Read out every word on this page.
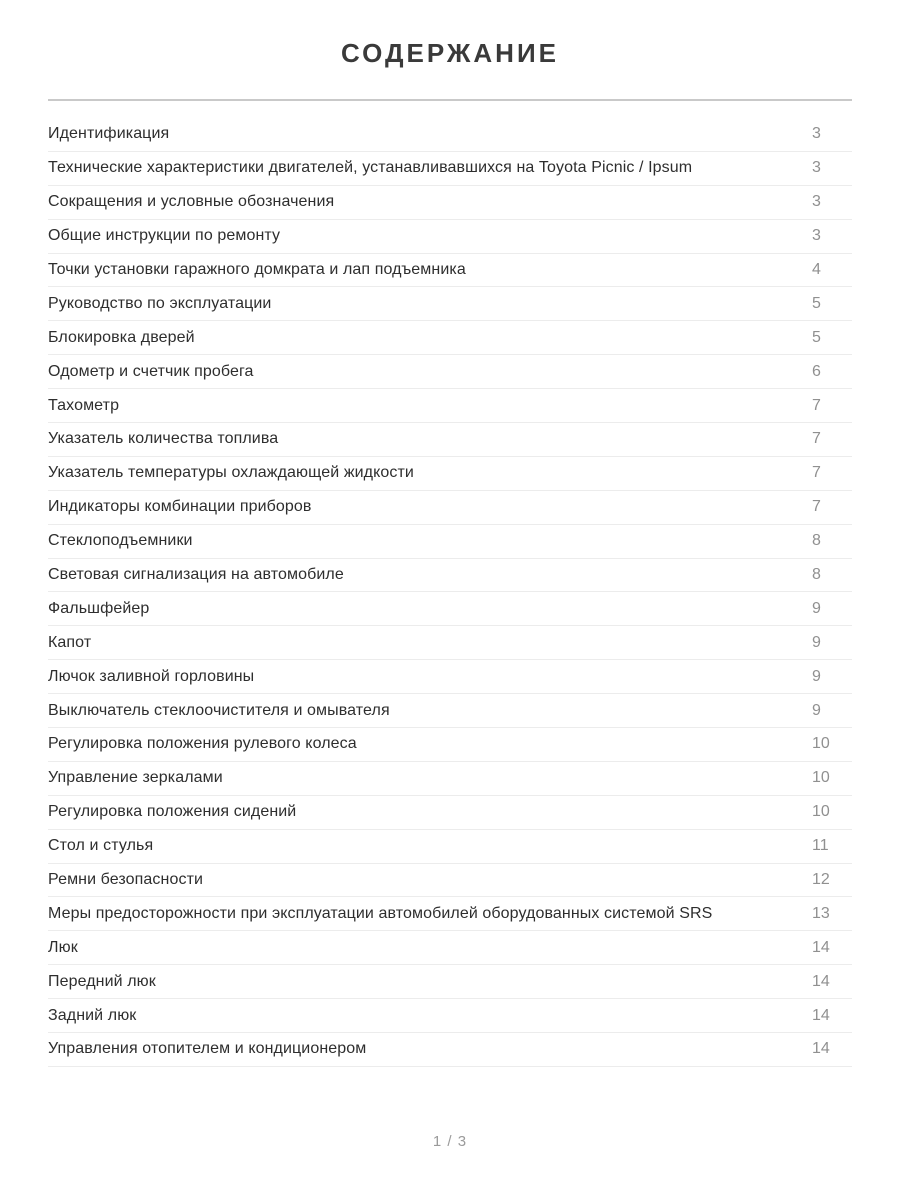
СОДЕРЖАНИЕ
Идентификация	3
Технические характеристики двигателей, устанавливавшихся на Toyota Picnic / Ipsum	3
Сокращения и условные обозначения	3
Общие инструкции по ремонту	3
Точки установки гаражного домкрата и лап подъемника	4
Руководство по эксплуатации	5
Блокировка дверей	5
Одометр и счетчик пробега	6
Тахометр	7
Указатель количества топлива	7
Указатель температуры охлаждающей жидкости	7
Индикаторы комбинации приборов	7
Стеклоподъемники	8
Световая сигнализация на автомобиле	8
Фальшфейер	9
Капот	9
Лючок заливной горловины	9
Выключатель стеклоочистителя и омывателя	9
Регулировка положения рулевого колеса	10
Управление зеркалами	10
Регулировка положения сидений	10
Стол и стулья	11
Ремни безопасности	12
Меры предосторожности при эксплуатации автомобилей оборудованных системой SRS	13
Люк	14
Передний люк	14
Задний люк	14
Управления отопителем и кондиционером	14
1 / 3
